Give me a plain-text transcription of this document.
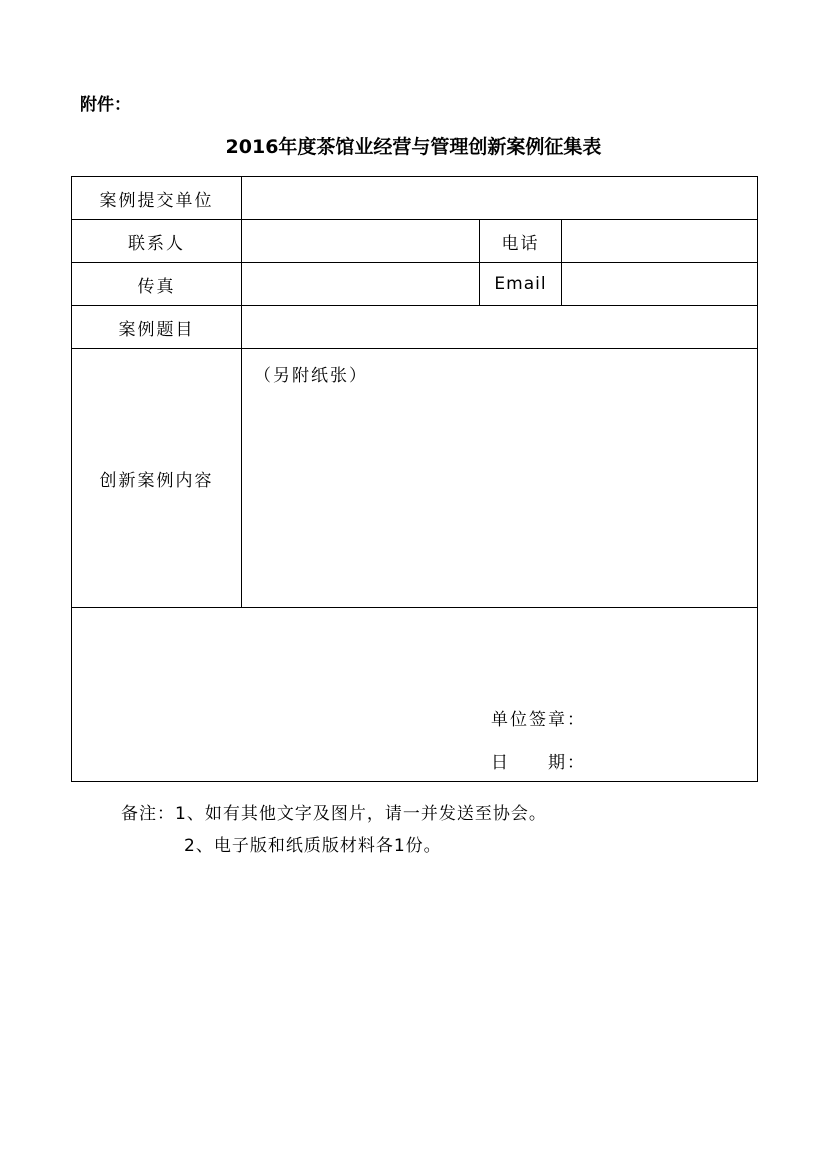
附件：
2016年度茶馆业经营与管理创新案例征集表
案例提交单位			
联系人		电话	
传真		Email	
案例题目			
创新案例内容	（另附纸张）		

单位签章：
日　　期：			
备注：1、如有其他文字及图片，请一并发送至协会。
2、电子版和纸质版材料各1份。
